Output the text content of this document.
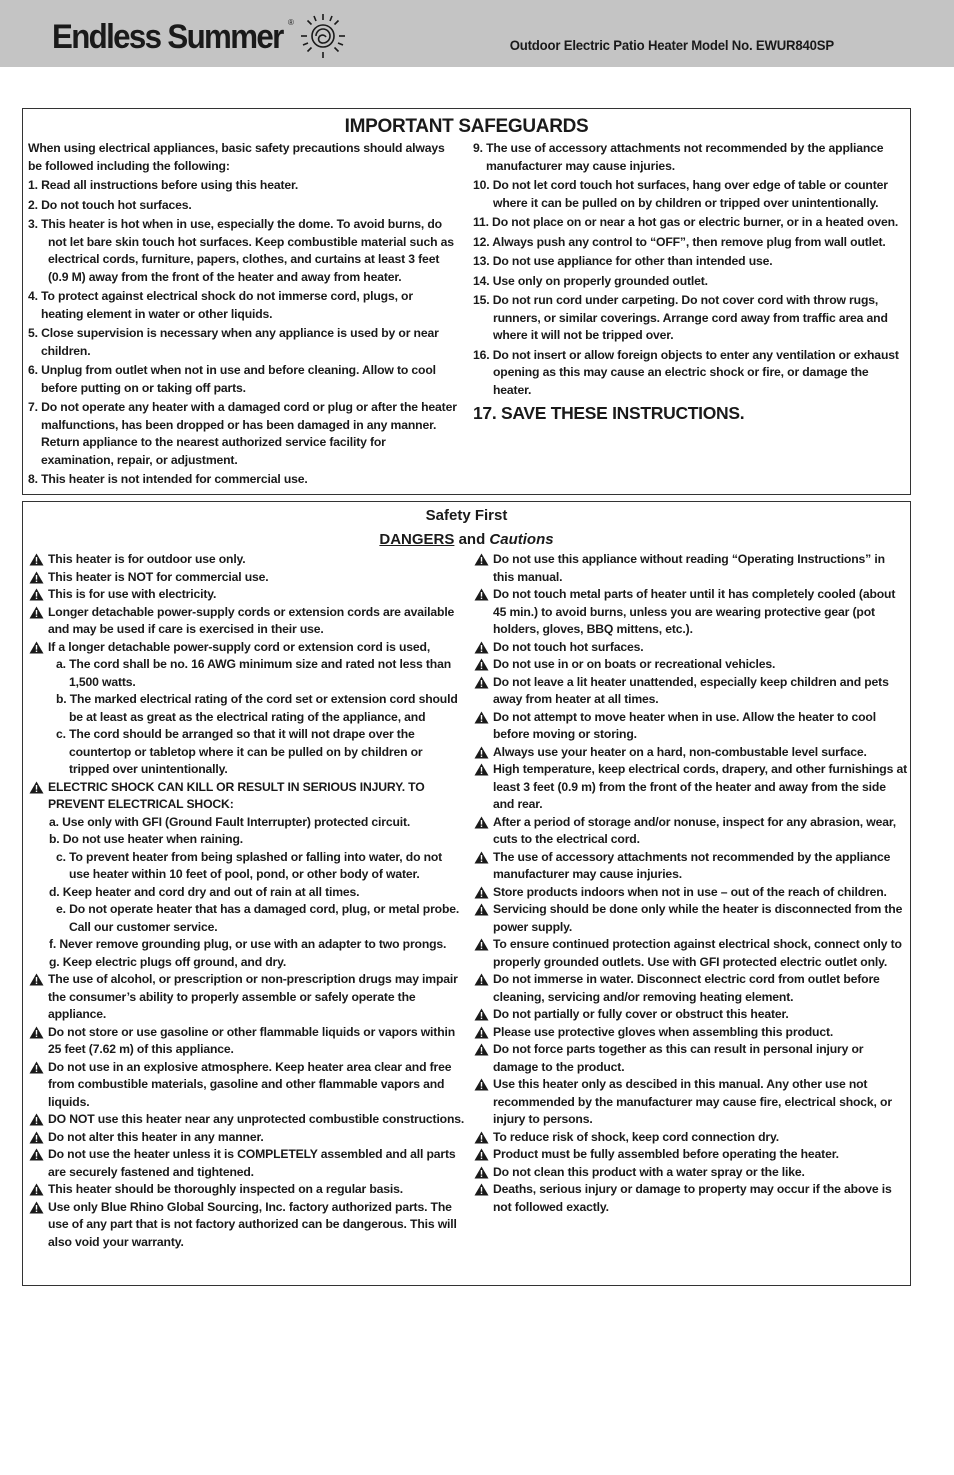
Endless Summer ®
Outdoor Electric Patio Heater Model No. EWUR840SP
IMPORTANT SAFEGUARDS

When using electrical appliances, basic safety precautions should always be followed including the following:

1. Read all instructions before using this heater.

2. Do not touch hot surfaces.

3. This heater is hot when in use, especially the dome. To avoid burns, do not let bare skin touch hot surfaces. Keep combustible material such as electrical cords, furniture, papers, clothes, and curtains at least 3 feet (0.9 M) away from the front of the heater and away from heater.

4. To protect against electrical shock do not immerse cord, plugs, or heating element in water or other liquids.

5. Close supervision is necessary when any appliance is used by or near children.

6. Unplug from outlet when not in use and before cleaning. Allow to cool before putting on or taking off parts.

7. Do not operate any heater with a damaged cord or plug or after the heater malfunctions, has been dropped or has been damaged in any manner. Return appliance to the nearest authorized service facility for examination, repair, or adjustment.

8. This heater is not intended for commercial use.

9. The use of accessory attachments not recommended by the appliance manufacturer may cause injuries.

10. Do not let cord touch hot surfaces, hang over edge of table or counter where it can be pulled on by children or tripped over unintentionally.

11. Do not place on or near a hot gas or electric burner, or in a heated oven.

12. Always push any control to “OFF”, then remove plug from wall outlet.

13. Do not use appliance for other than intended use.

14. Use only on properly grounded outlet.

15. Do not run cord under carpeting. Do not cover cord with throw rugs, runners, or similar coverings. Arrange cord away from traffic area and where it will not be tripped over.

16. Do not insert or allow foreign objects to enter any ventilation or exhaust opening as this may cause an electric shock or fire, or damage the heater.

17. SAVE THESE INSTRUCTIONS.

Safety First
DANGERS and Cautions

This heater is for outdoor use only.

This heater is NOT for commercial use.

This is for use with electricity.

Longer detachable power-supply cords or extension cords are available and may be used if care is exercised in their use.

If a longer detachable power-supply cord or extension cord is used,

a. The cord shall be no. 16 AWG minimum size and rated not less than 1,500 watts.

b. The marked electrical rating of the cord set or extension cord should be at least as great as the electrical rating of the appliance, and

c. The cord should be arranged so that it will not drape over the countertop or tabletop where it can be pulled on by children or tripped over unintentionally.

ELECTRIC SHOCK CAN KILL OR RESULT IN SERIOUS INJURY. TO PREVENT ELECTRICAL SHOCK:

a. Use only with GFI (Ground Fault Interrupter) protected circuit.

b. Do not use heater when raining.

c. To prevent heater from being splashed or falling into water, do not use heater within 10 feet of pool, pond, or other body of water.

d. Keep heater and cord dry and out of rain at all times.

e. Do not operate heater that has a damaged cord, plug, or metal probe. Call our customer service.

f. Never remove grounding plug, or use with an adapter to two prongs.

g. Keep electric plugs off ground, and dry.

The use of alcohol, or prescription or non-prescription drugs may impair the consumer’s ability to properly assemble or safely operate the appliance.

Do not store or use gasoline or other flammable liquids or vapors within 25 feet (7.62 m) of this appliance.

Do not use in an explosive atmosphere. Keep heater area clear and free from combustible materials, gasoline and other flammable vapors and liquids.

DO NOT use this heater near any unprotected combustible constructions.

Do not alter this heater in any manner.

Do not use the heater unless it is COMPLETELY assembled and all parts are securely fastened and tightened.

This heater should be thoroughly inspected on a regular basis.

Use only Blue Rhino Global Sourcing, Inc. factory authorized parts. The use of any part that is not factory authorized can be dangerous. This will also void your warranty.

Do not use this appliance without reading “Operating Instructions” in this manual.

Do not touch metal parts of heater until it has completely cooled (about 45 min.) to avoid burns, unless you are wearing protective gear (pot holders, gloves, BBQ mittens, etc.).

Do not touch hot surfaces.

Do not use in or on boats or recreational vehicles.

Do not leave a lit heater unattended, especially keep children and pets away from heater at all times.

Do not attempt to move heater when in use. Allow the heater to cool before moving or storing.

Always use your heater on a hard, non-combustable level surface.

High temperature, keep electrical cords, drapery, and other furnishings at least 3 feet (0.9 m) from the front of the heater and away from the side and rear.

After a period of storage and/or nonuse, inspect for any abrasion, wear, cuts to the electrical cord.

The use of accessory attachments not recommended by the appliance manufacturer may cause injuries.

Store products indoors when not in use – out of the reach of children.

Servicing should be done only while the heater is disconnected from the power supply.

To ensure continued protection against electrical shock, connect only to properly grounded outlets. Use with GFI protected electric outlet only.

Do not immerse in water. Disconnect electric cord from outlet before cleaning, servicing and/or removing heating element.

Do not partially or fully cover or obstruct this heater.

Please use protective gloves when assembling this product.

Do not force parts together as this can result in personal injury or damage to the product.

Use this heater only as descibed in this manual. Any other use not recommended by the manufacturer may cause fire, electrical shock, or injury to persons.

To reduce risk of shock, keep cord connection dry.

Product must be fully assembled before operating the heater.

Do not clean this product with a water spray or the like.

Deaths, serious injury or damage to property may occur if the above is not followed exactly.
